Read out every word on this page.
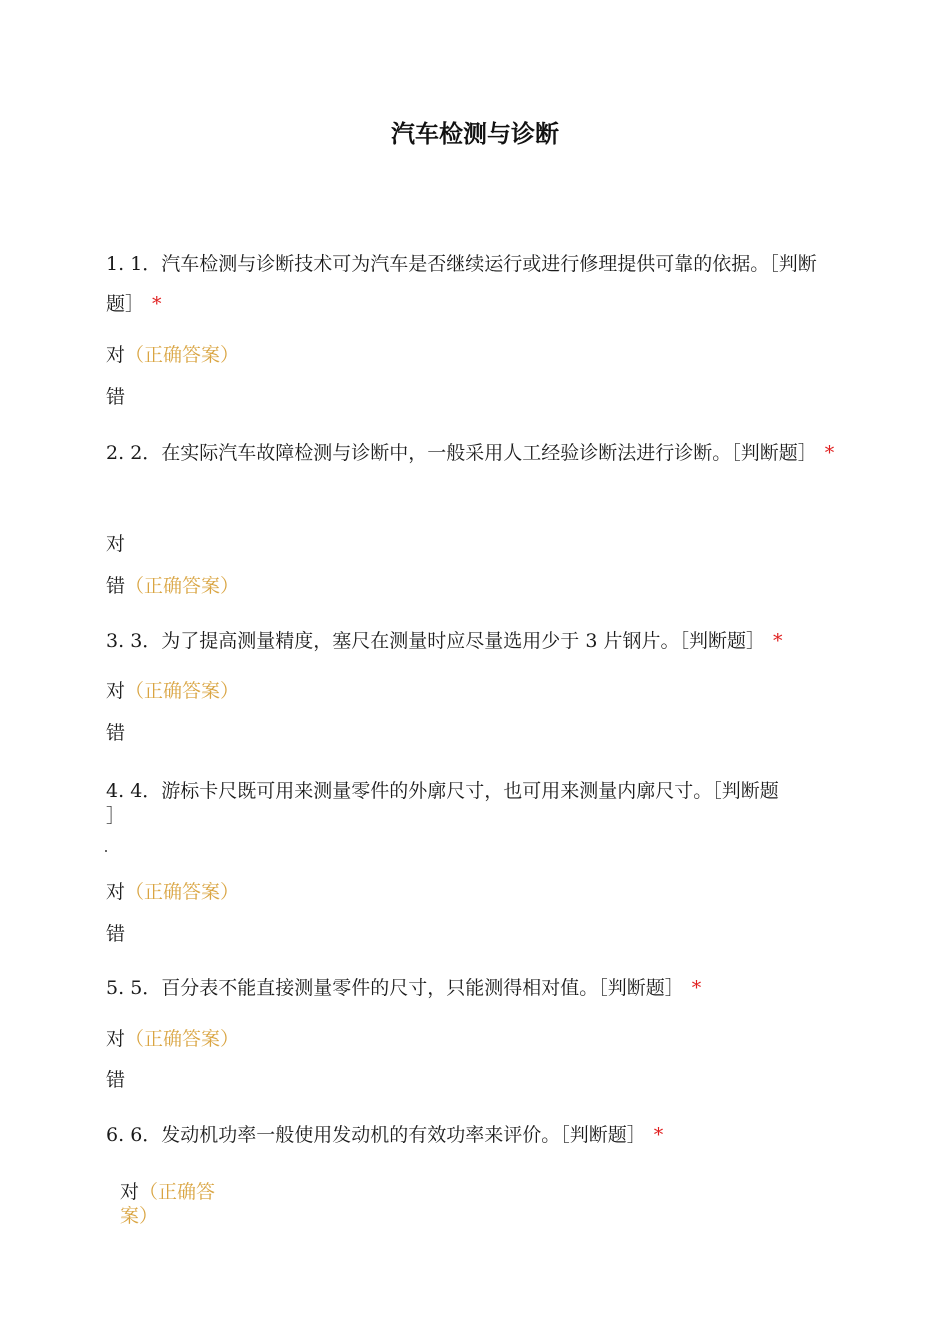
汽车检测与诊断
1. 1．汽车检测与诊断技术可为汽车是否继续运行或进行修理提供可靠的依据。［判断题］ *
对（正确答案）
错
2. 2．在实际汽车故障检测与诊断中，一般采用人工经验诊断法进行诊断。［判断题］ *
对
错（正确答案）
3. 3．为了提高测量精度，塞尺在测量时应尽量选用少于 3 片钢片。［判断题］ *
对（正确答案）
错
4. 4．游标卡尺既可用来测量零件的外廓尺寸，也可用来测量内廓尺寸。［判断题
］
对（正确答案）
错
5. 5．百分表不能直接测量零件的尺寸，只能测得相对值。［判断题］ *
对（正确答案）
错
6. 6．发动机功率一般使用发动机的有效功率来评价。［判断题］ *
对（正确答案）
